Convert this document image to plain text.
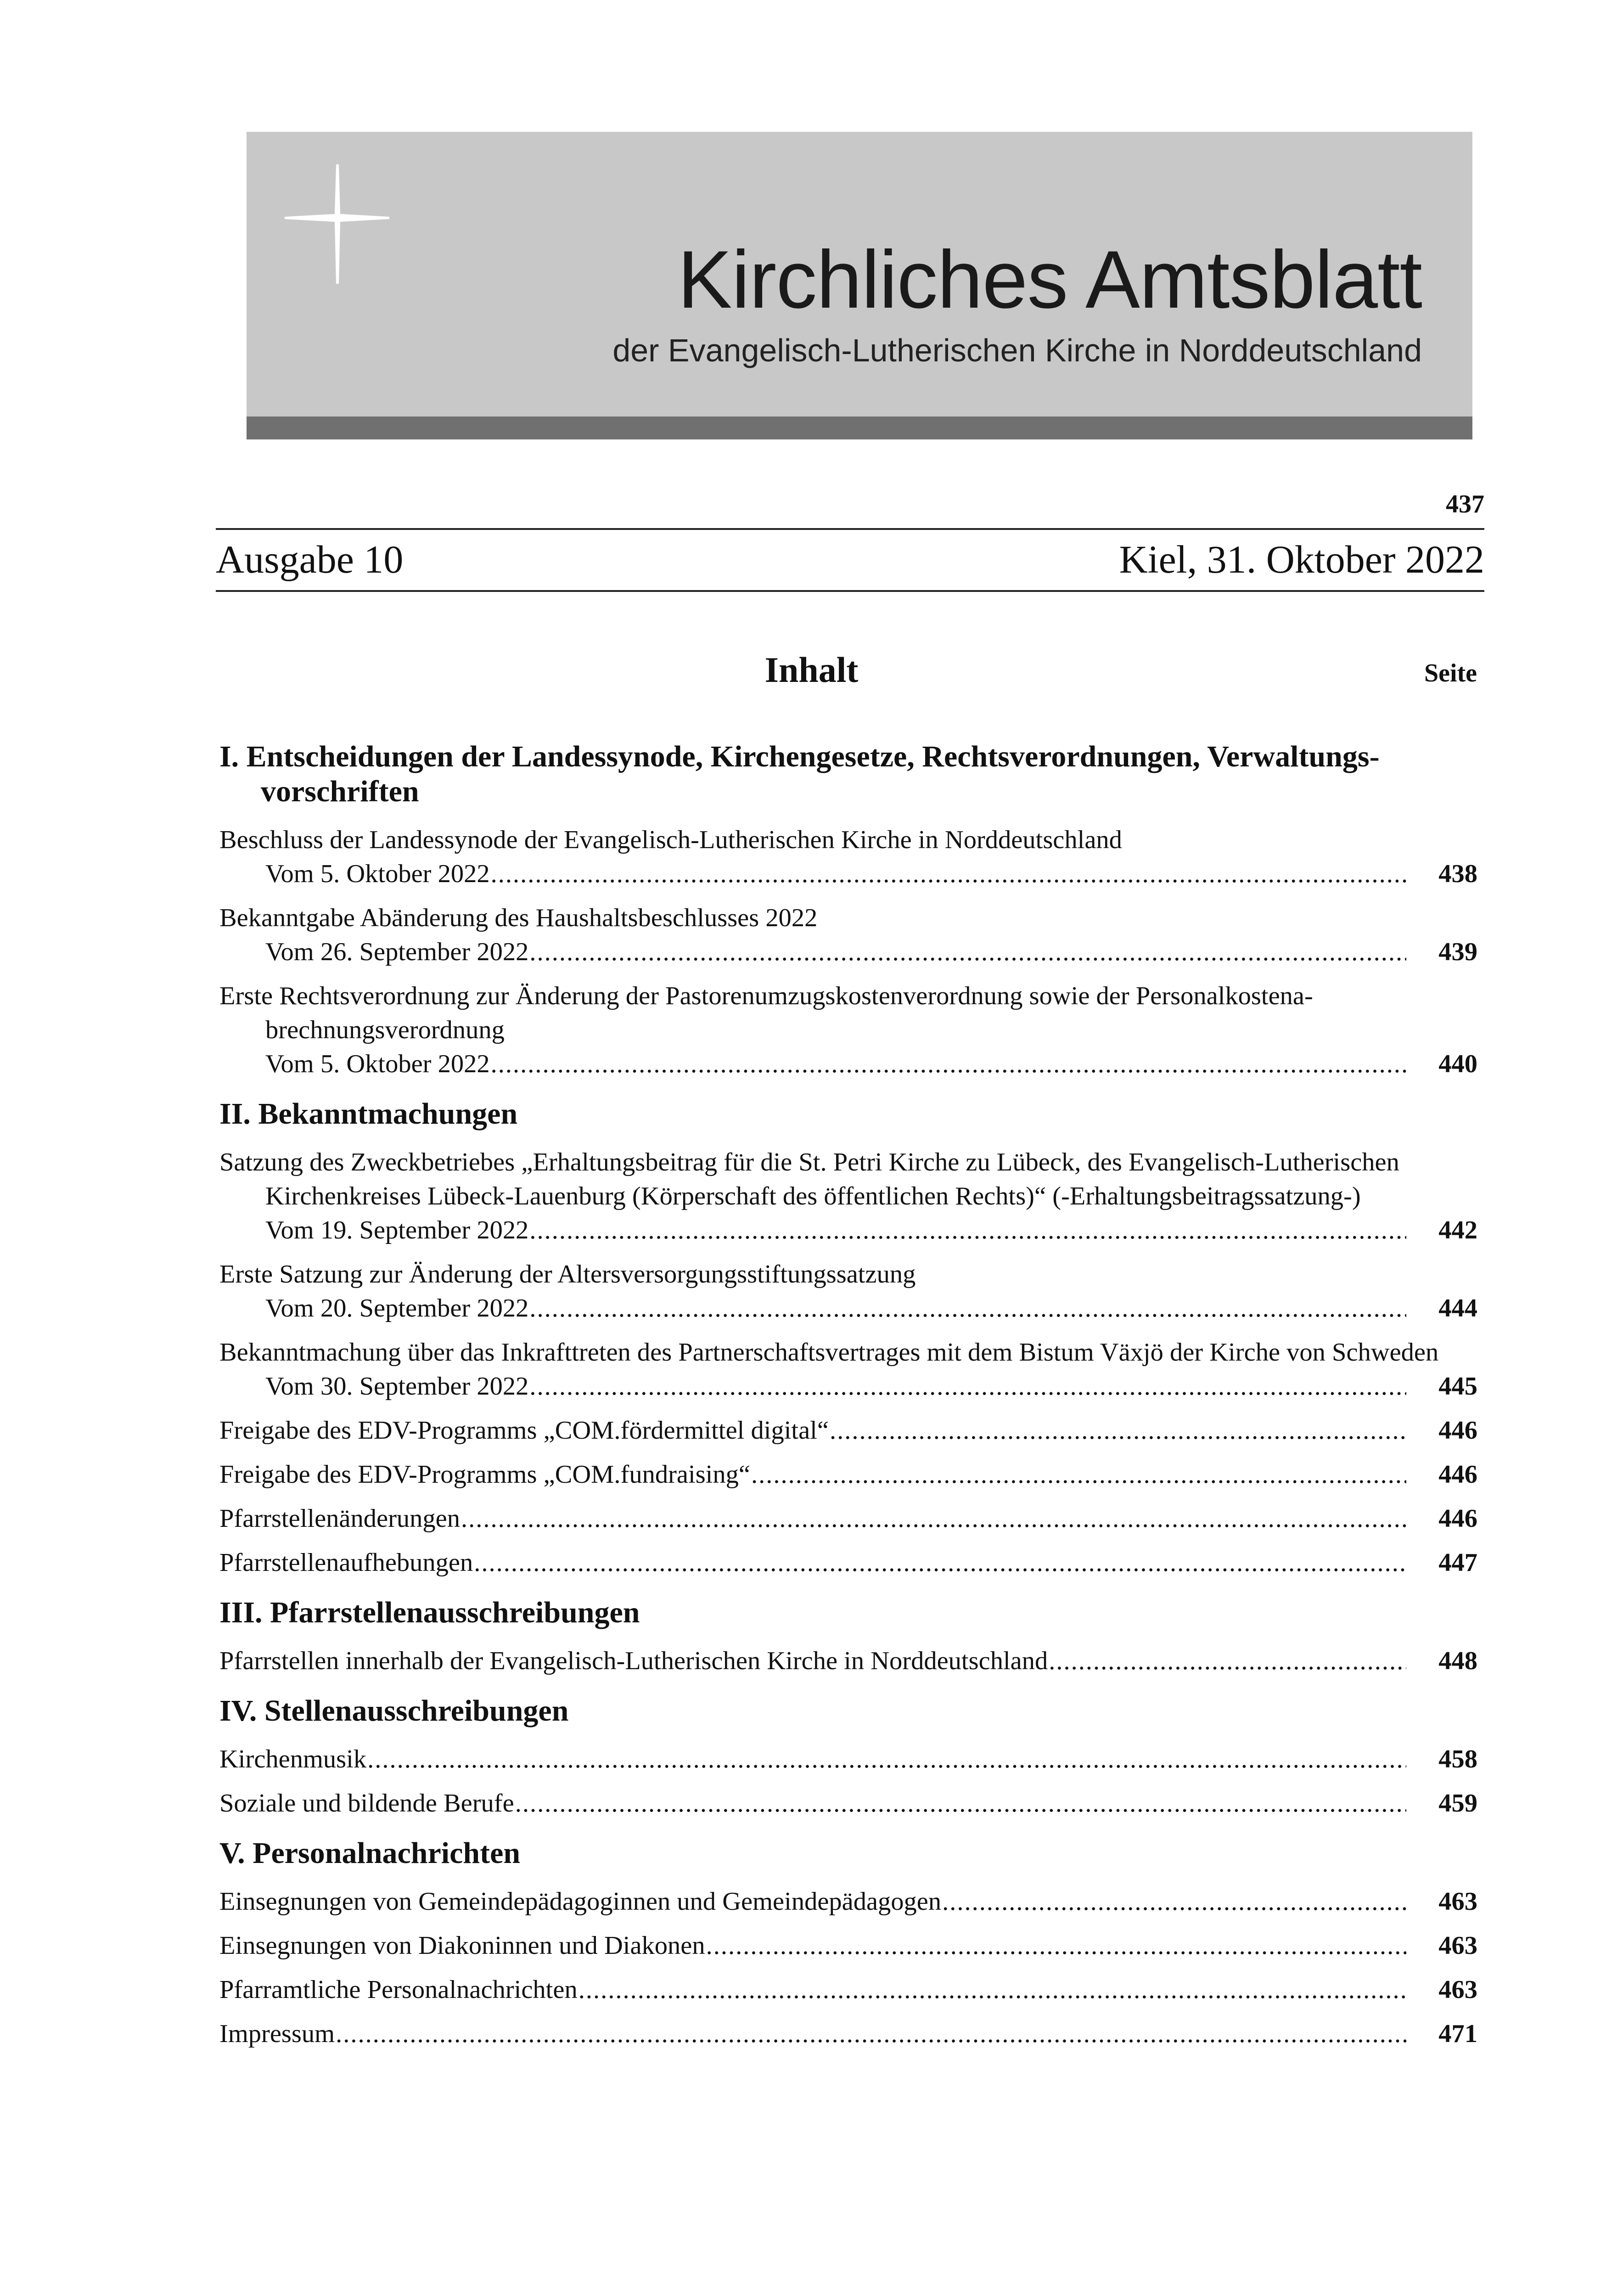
Kirchliches Amtsblatt
der Evangelisch-Lutherischen Kirche in Norddeutschland
437
Ausgabe 10	Kiel, 31. Oktober 2022
Inhalt	Seite
I. Entscheidungen der Landessynode, Kirchengesetze, Rechtsverordnungen, Verwaltungsvorschriften
Beschluss der Landessynode der Evangelisch-Lutherischen Kirche in Norddeutschland
Vom 5. Oktober 2022 .....	438
Bekanntgabe Abänderung des Haushaltsbeschlusses 2022
Vom 26. September 2022 .....	439
Erste Rechtsverordnung zur Änderung der Pastorenumzugskostenverordnung sowie der Personalkostenabrechnungsverordnung
Vom 5. Oktober 2022 .....	440
II. Bekanntmachungen
Satzung des Zweckbetriebes „Erhaltungsbeitrag für die St. Petri Kirche zu Lübeck, des Evangelisch-Lutherischen Kirchenkreises Lübeck-Lauenburg (Körperschaft des öffentlichen Rechts)“ (-Erhaltungsbeitragssatzung-)
Vom 19. September 2022 .....	442
Erste Satzung zur Änderung der Altersversorgungsstiftungssatzung
Vom 20. September 2022 .....	444
Bekanntmachung über das Inkrafttreten des Partnerschaftsvertrages mit dem Bistum Växjö der Kirche von Schweden
Vom 30. September 2022 .....	445
Freigabe des EDV-Programms „COM.fördermittel digital“ .....	446
Freigabe des EDV-Programms „COM.fundraising“ .....	446
Pfarrstellenänderungen .....	446
Pfarrstellenaufhebungen .....	447
III. Pfarrstellenausschreibungen
Pfarrstellen innerhalb der Evangelisch-Lutherischen Kirche in Norddeutschland .....	448
IV. Stellenausschreibungen
Kirchenmusik .....	458
Soziale und bildende Berufe .....	459
V. Personalnachrichten
Einsegnungen von Gemeindepädagoginnen und Gemeindepädagogen .....	463
Einsegnungen von Diakoninnen und Diakonen .....	463
Pfarramtliche Personalnachrichten .....	463
Impressum .....	471
